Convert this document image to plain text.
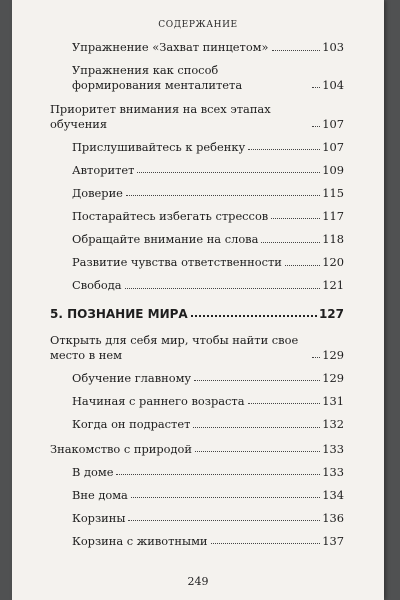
СОДЕРЖАНИЕ
Упражнение «Захват пинцетом»	103
Упражнения как способ формирования менталитета	104
Приоритет внимания на всех этапах обучения	107
Прислушивайтесь к ребенку	107
Авторитет	109
Доверие	115
Постарайтесь избегать стрессов	117
Обращайте внимание на слова	118
Развитие чувства ответственности	120
Свобода	121
5. ПОЗНАНИЕ МИРА	127
Открыть для себя мир, чтобы найти свое место в нем	129
Обучение главному	129
Начиная с раннего возраста	131
Когда он подрастет	132
Знакомство с природой	133
В доме	133
Вне дома	134
Корзины	136
Корзина с животными	137
249
